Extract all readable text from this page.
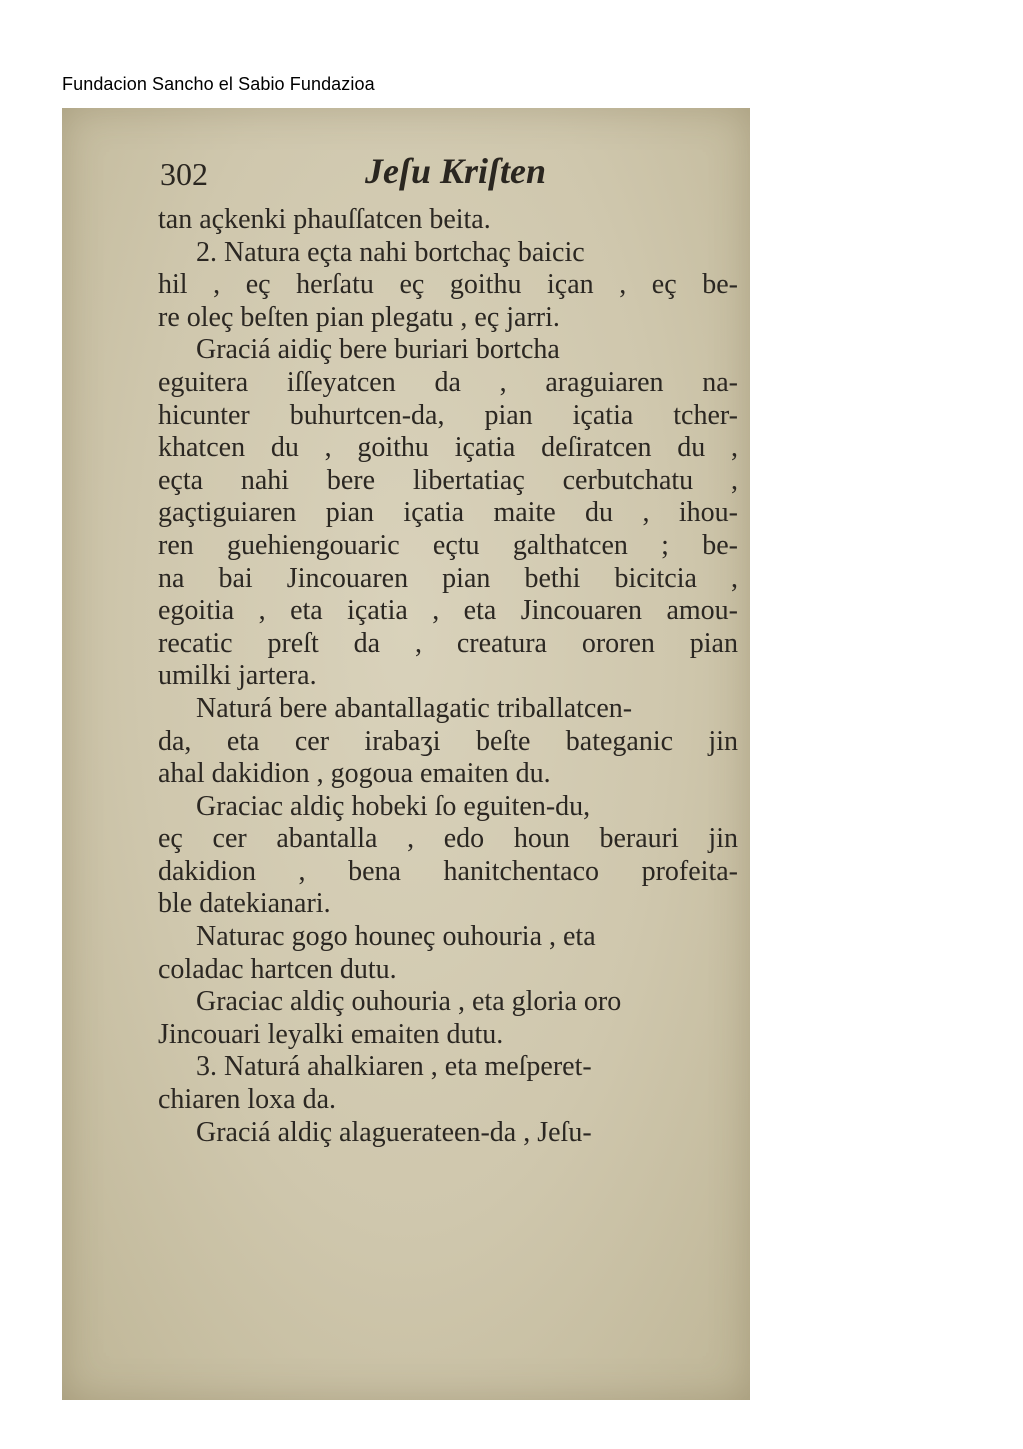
Fundacion Sancho el Sabio Fundazioa
302	Jeſu Kriſten
tan açkenki phauſſatcen beita.
2. Natura eçta nahi bortchaç baicic
hil , eç herſatu eç goithu içan , eç be-
re oleç beſten pian plegatu , eç jarri.
Graciá aidiç bere buriari bortcha
eguitera iſſeyatcen da , araguiaren na-
hicunter buhurtcen-da, pian içatia tcher-
khatcen du , goithu içatia deſiratcen du ,
eçta nahi bere libertatiaç cerbutchatu ,
gaçtiguiaren pian içatia maite du , ihou-
ren guehiengouaric eçtu galthatcen ; be-
na bai Jincouaren pian bethi bicitcia ,
egoitia , eta içatia , eta Jincouaren amou-
recatic preſt da , creatura ororen pian
umilki jartera.
Naturá bere abantallagatic triballatcen-
da, eta cer irabaʒi beſte bateganic jin
ahal dakidion , gogoua emaiten du.
Graciac aldiç hobeki ſo eguiten-du,
eç cer abantalla , edo houn berauri jin
dakidion , bena hanitchentaco profeita-
ble datekianari.
Naturac gogo houneç ouhouria , eta
coladac hartcen dutu.
Graciac aldiç ouhouria , eta gloria oro
Jincouari leyalki emaiten dutu.
3. Naturá ahalkiaren , eta meſperet-
chiaren loxa da.
Graciá aldiç alaguerateen-da , Jeſu-
